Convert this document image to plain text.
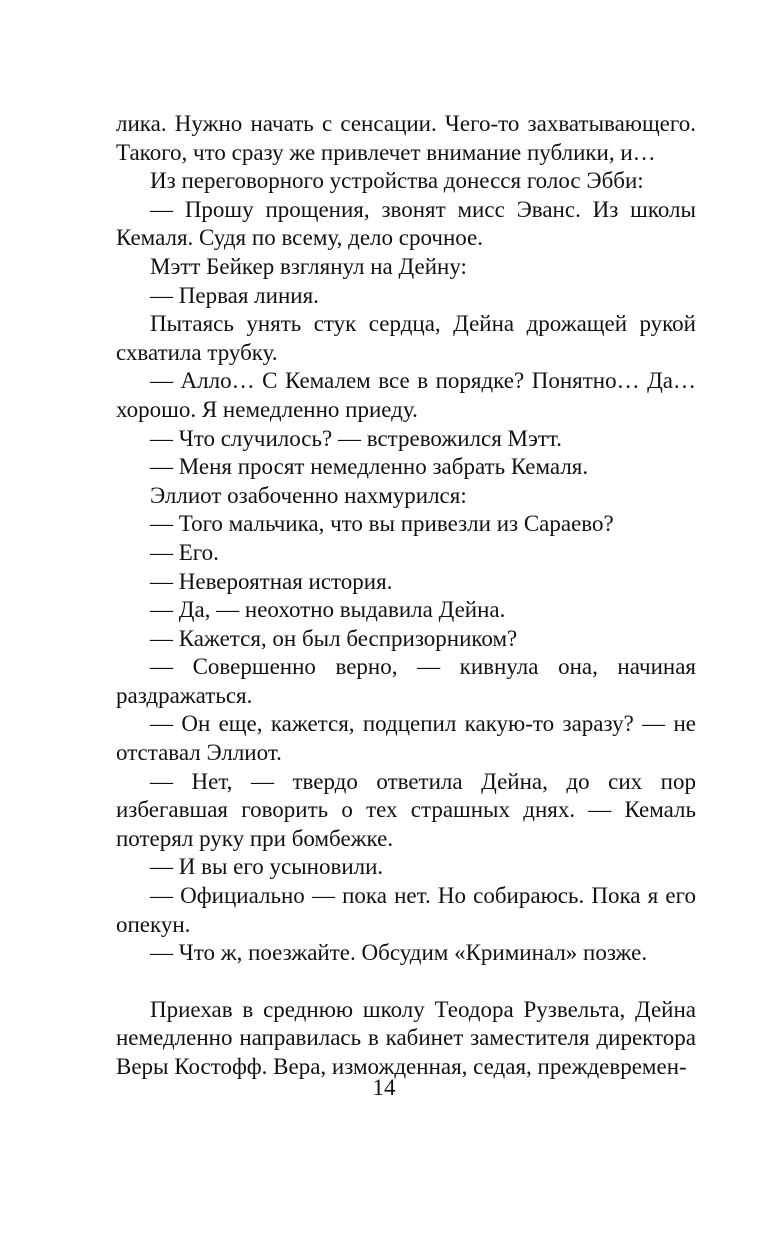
лика. Нужно начать с сенсации. Чего-то захватывающего. Такого, что сразу же привлечет внимание публики, и…

Из переговорного устройства донесся голос Эбби:

— Прошу прощения, звонят мисс Эванс. Из школы Кемаля. Судя по всему, дело срочное.

Мэтт Бейкер взглянул на Дейну:

— Первая линия.

Пытаясь унять стук сердца, Дейна дрожащей рукой схватила трубку.

— Алло… С Кемалем все в порядке? Понятно… Да… хорошо. Я немедленно приеду.

— Что случилось? — встревожился Мэтт.

— Меня просят немедленно забрать Кемаля.

Эллиот озабоченно нахмурился:

— Того мальчика, что вы привезли из Сараево?

— Его.

— Невероятная история.

— Да, — неохотно выдавила Дейна.

— Кажется, он был беспризорником?

— Совершенно верно, — кивнула она, начиная раздражаться.

— Он еще, кажется, подцепил какую-то заразу? — не отставал Эллиот.

— Нет, — твердо ответила Дейна, до сих пор избегавшая говорить о тех страшных днях. — Кемаль потерял руку при бомбежке.

— И вы его усыновили.

— Официально — пока нет. Но собираюсь. Пока я его опекун.

— Что ж, поезжайте. Обсудим «Криминал» позже.

Приехав в среднюю школу Теодора Рузвельта, Дейна немедленно направилась в кабинет заместителя директора Веры Костофф. Вера, изможденная, седая, преждевремен-

14
